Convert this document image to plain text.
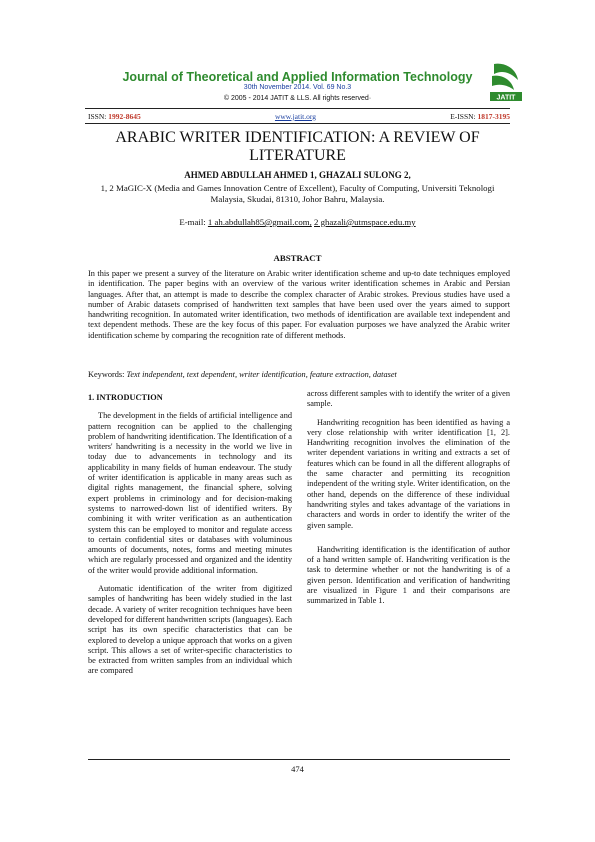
Journal of Theoretical and Applied Information Technology
30th November 2014. Vol. 69 No.3
© 2005 - 2014 JATIT & LLS. All rights reserved·	JATIT
ISSN: 1992-8645	www.jatit.org	E-ISSN: 1817-3195
ARABIC WRITER IDENTIFICATION: A REVIEW OF LITERATURE
AHMED ABDULLAH AHMED 1, GHAZALI SULONG 2,
1, 2 MaGIC-X (Media and Games Innovation Centre of Excellent), Faculty of Computing, Universiti Teknologi Malaysia, Skudai, 81310, Johor Bahru, Malaysia.
E-mail: 1 ah.abdullah85@gmail.com, 2 ghazali@utmspace.edu.my
ABSTRACT
In this paper we present a survey of the literature on Arabic writer identification scheme and up-to date techniques employed in identification. The paper begins with an overview of the various writer identification schemes in Arabic and Persian languages. After that, an attempt is made to describe the complex character of Arabic strokes. Previous studies have used a number of Arabic datasets comprised of handwritten text samples that have been used over the years aimed to support handwriting recognition. In automated writer identification, two methods of identification are available text independent and text dependent methods. These are the key focus of this paper. For evaluation purposes we have analyzed the Arabic writer identification scheme by comparing the recognition rate of different methods.
Keywords: Text independent, text dependent, writer identification, feature extraction, dataset

1. INTRODUCTION

The development in the fields of artificial intelligence and pattern recognition can be applied to the challenging problem of handwriting identification. The Identification of a writers' handwriting is a necessity in the world we live in today due to advancements in technology and its applicability in many fields of human endeavour. The study of writer identification is applicable in many areas such as digital rights management, the financial sphere, solving expert problems in criminology and for decision-making systems to narrowed-down list of identified writers. By combining it with writer verification as an authentication system this can be employed to monitor and regulate access to certain confidential sites or databases with voluminous amounts of documents, notes, forms and meeting minutes which are regularly processed and organized and the identity of the writer would provide additional information.

Automatic identification of the writer from digitized samples of handwriting has been widely studied in the last decade. A variety of writer recognition techniques have been developed for different handwritten scripts (languages). Each script has its own specific characteristics that can be explored to develop a unique approach that works on a given script. This allows a set of writer-specific characteristics to be extracted from written samples from an individual which are compared

across different samples with to identify the writer of a given sample.

Handwriting recognition has been identified as having a very close relationship with writer identification [1, 2]. Handwriting recognition involves the elimination of the writer dependent variations in writing and extracts a set of features which can be found in all the different allographs of the same character and permitting its recognition independent of the writing style. Writer identification, on the other hand, depends on the difference of these individual handwriting styles and takes advantage of the variations in characters and words in order to identify the writer of the given sample.

Handwriting identification is the identification of author of a hand written sample of. Handwriting verification is the task to determine whether or not the handwriting is of a given person. Identification and verification of handwriting are visualized in Figure 1 and their comparisons are summarized in Table 1.

474
